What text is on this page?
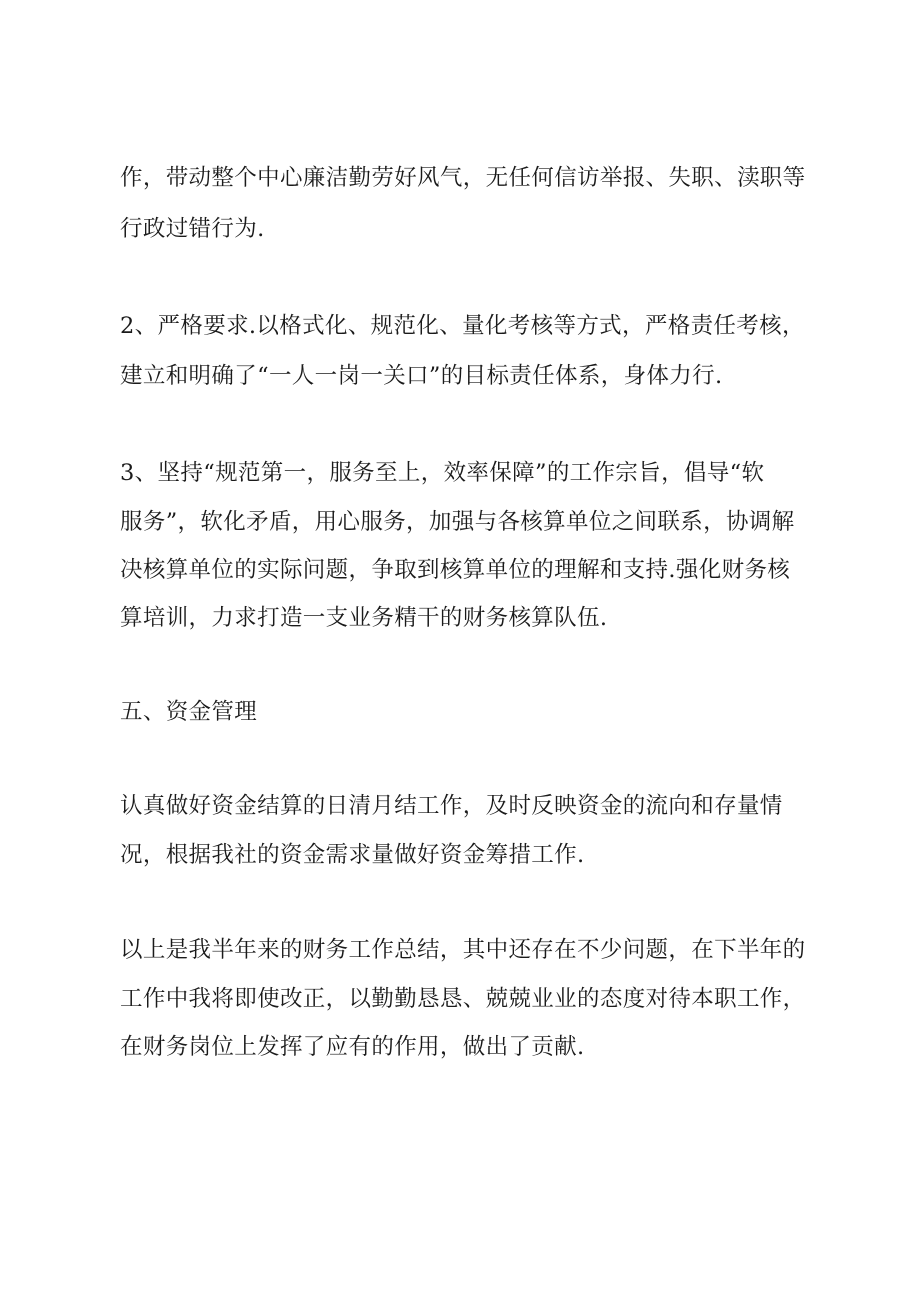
作，带动整个中心廉洁勤劳好风气，无任何信访举报、失职、渎职等
行政过错行为.
2、严格要求.以格式化、规范化、量化考核等方式，严格责任考核，
建立和明确了“一人一岗一关口”的目标责任体系，身体力行.
3、坚持“规范第一，服务至上，效率保障”的工作宗旨，倡导“软
服务”，软化矛盾，用心服务，加强与各核算单位之间联系，协调解
决核算单位的实际问题，争取到核算单位的理解和支持.强化财务核
算培训，力求打造一支业务精干的财务核算队伍.
五、资金管理
认真做好资金结算的日清月结工作，及时反映资金的流向和存量情
况，根据我社的资金需求量做好资金筹措工作.
以上是我半年来的财务工作总结，其中还存在不少问题，在下半年的
工作中我将即使改正，以勤勤恳恳、兢兢业业的态度对待本职工作，
在财务岗位上发挥了应有的作用，做出了贡献.
